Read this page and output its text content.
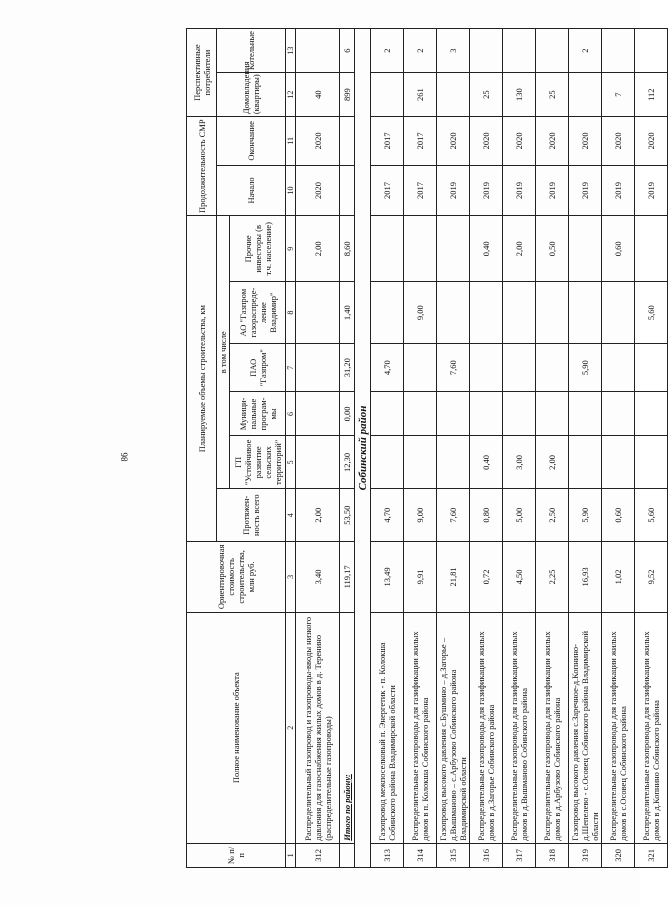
№ п/п	Полное наименование объекта	Ориентировочная стоимость строительства, млн руб.	Планируемые объемы строительства, км						Продолжительность СМР		Перспективные потребители	
			Протяжен-ность всего	в том числе					Начало	Окончание	Домовладения (квартиры)	Котельные
				ГП "Устойчивое развитие сельских территорий"	Муници-пальные програм-мы	ПАО "Газпром"	АО "Газпром газораспреде-ление Владимир"	Прочие инвесторы (в т.ч. население)				
1	2	3	4	5	6	7	8	9	10	11	12	13
312	Распределительный газопровод и газопроводы-вводы низкого давления для газоснабжения жилых домов в д. Теренино (распределительные газопроводы)	3,40	2,00					2,00	2020	2020	40	
	Итого по району:	119,17	53,50	12,30	0,00	31,20	1,40	8,60			899	6
Собинский район												
313	Газопровод межпоселковый п. Энергетик - п. Колокша Собинского района Владимирской области	13,49	4,70			4,70			2017	2017		2
314	Распределительные газопроводы для газификации жилых домов в п. Колокша Собинского района	9,91	9,00				9,00		2017	2017	261	2
315	Газопровод высокого давления с.Бушмино – д.Загорье – д.Вышманово – с.Арбузово Собинского района Владимирской области	21,81	7,60			7,60			2019	2020		3
316	Распределительные газопроводы для газификации жилых домов в д.Загорье Собинского района	0,72	0,80	0,40				0,40	2019	2020	25	
317	Распределительные газопроводы для газификации жилых домов в д.Вышманово Собинского района	4,50	5,00	3,00				2,00	2019	2020	130	
318	Распределительные газопроводы для газификации жилых домов в д.Арбузово Собинского района	2,25	2,50	2,00				0,50	2019	2020	25	
319	Газопровод высокого давления с.Заречное-д.Копнино-д.Шепелево - с.Осовец Собинского района Владимирской области	16,93	5,90			5,90			2019	2020		2
320	Распределительные газопроводы для газификации жилых домов в с.Осовец Собинского района	1,02	0,60					0,60	2019	2020	7	
321	Распределительные газопроводы для газификации жилых домов в д.Копнино Собинского района	9,52	5,60				5,60		2019	2020	112	
86
